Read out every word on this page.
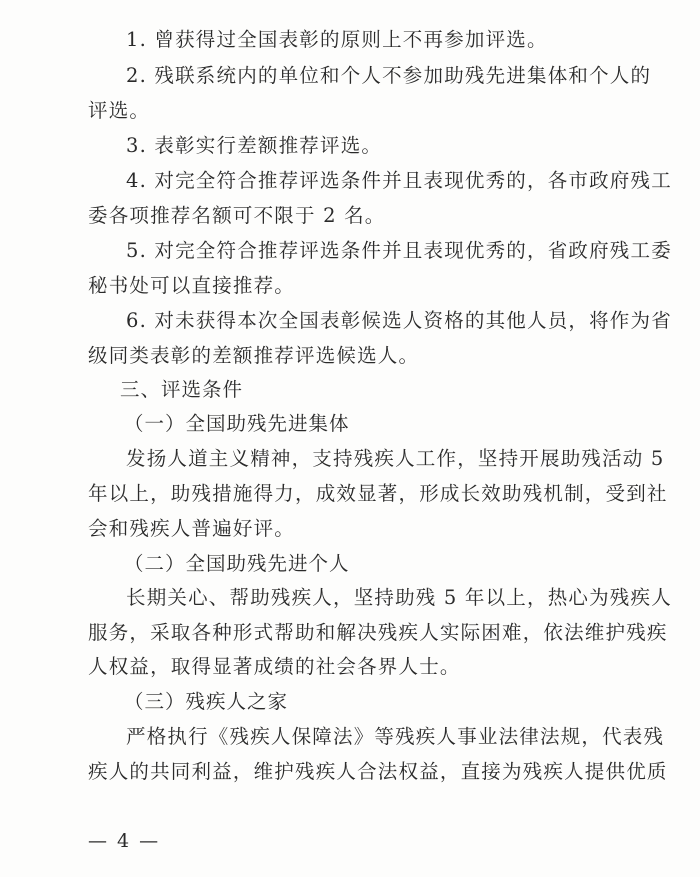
1. 曾获得过全国表彰的原则上不再参加评选。
2. 残联系统内的单位和个人不参加助残先进集体和个人的
评选。
3. 表彰实行差额推荐评选。
4. 对完全符合推荐评选条件并且表现优秀的，各市政府残工
委各项推荐名额可不限于 2 名。
5. 对完全符合推荐评选条件并且表现优秀的，省政府残工委
秘书处可以直接推荐。
6. 对未获得本次全国表彰候选人资格的其他人员，将作为省
级同类表彰的差额推荐评选候选人。
三、评选条件
（一）全国助残先进集体
发扬人道主义精神，支持残疾人工作，坚持开展助残活动 5
年以上，助残措施得力，成效显著，形成长效助残机制，受到社
会和残疾人普遍好评。
（二）全国助残先进个人
长期关心、帮助残疾人，坚持助残 5 年以上，热心为残疾人
服务，采取各种形式帮助和解决残疾人实际困难，依法维护残疾
人权益，取得显著成绩的社会各界人士。
（三）残疾人之家
严格执行《残疾人保障法》等残疾人事业法律法规，代表残
疾人的共同利益，维护残疾人合法权益，直接为残疾人提供优质
— 4 —
